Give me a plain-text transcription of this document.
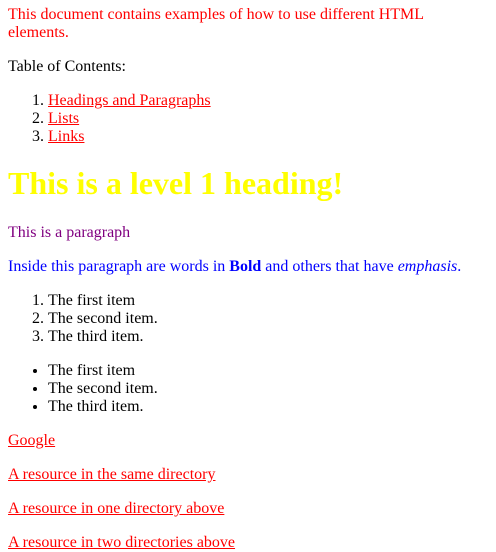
This document contains examples of how to use different HTML elements.

Table of Contents:

1. Headings and Paragraphs
2. Lists
3. Links
This is a level 1 heading!

This is a paragraph

Inside this paragraph are words in Bold and others that have emphasis.

1. The first item
2. The second item.
3. The third item.
• The first item
• The second item.
• The third item.

Google

A resource in the same directory

A resource in one directory above

A resource in two directories above
